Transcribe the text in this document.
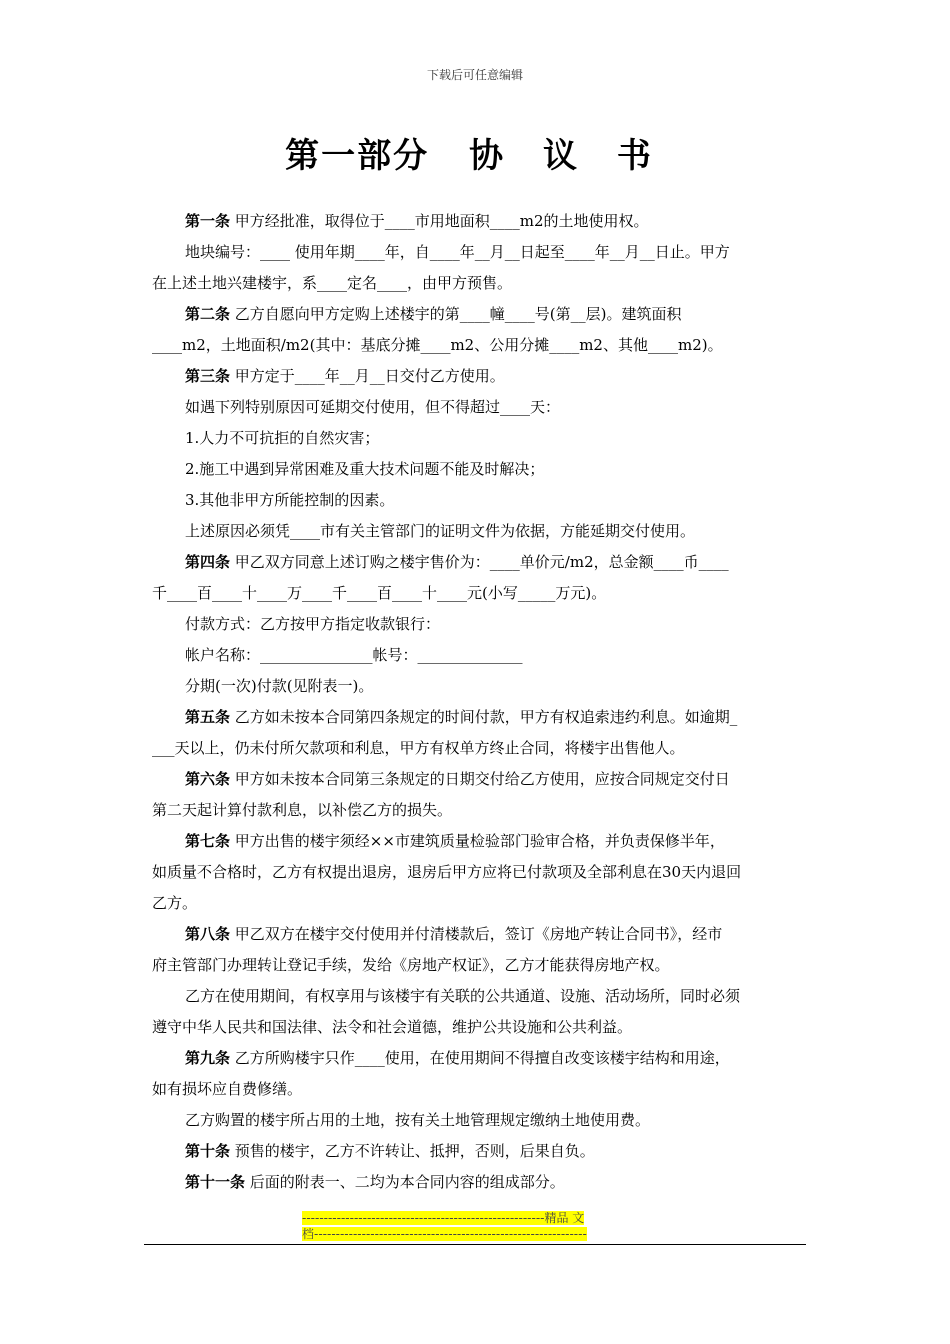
下载后可任意编辑
第一部分 协 议 书

第一条 甲方经批准，取得位于____市用地面积____m2的土地使用权。

地块编号：____ 使用年期____年，自____年__月__日起至____年__月__日止。甲方

在上述土地兴建楼宇，系____定名____，由甲方预售。

第二条 乙方自愿向甲方定购上述楼宇的第____幢____号(第__层)。建筑面积

____m2，土地面积/m2(其中：基底分摊____m2、公用分摊____m2、其他____m2)。

第三条 甲方定于____年__月__日交付乙方使用。

如遇下列特别原因可延期交付使用，但不得超过____天：

1.人力不可抗拒的自然灾害；

2.施工中遇到异常困难及重大技术问题不能及时解决；

3.其他非甲方所能控制的因素。

上述原因必须凭____市有关主管部门的证明文件为依据，方能延期交付使用。

第四条 甲乙双方同意上述订购之楼宇售价为：____单价元/m2，总金额____币____

千____百____十____万____千____百____十____元(小写_____万元)。

付款方式：乙方按甲方指定收款银行：

帐户名称：_______________帐号：______________

分期(一次)付款(见附表一)。

第五条 乙方如未按本合同第四条规定的时间付款，甲方有权追索违约利息。如逾期_

___天以上，仍未付所欠款项和利息，甲方有权单方终止合同，将楼宇出售他人。

第六条 甲方如未按本合同第三条规定的日期交付给乙方使用，应按合同规定交付日

第二天起计算付款利息，以补偿乙方的损失。

第七条 甲方出售的楼宇须经××市建筑质量检验部门验审合格，并负责保修半年，

如质量不合格时，乙方有权提出退房，退房后甲方应将已付款项及全部利息在30天内退回

乙方。

第八条 甲乙双方在楼宇交付使用并付清楼款后，签订《房地产转让合同书》，经市

府主管部门办理转让登记手续，发给《房地产权证》，乙方才能获得房地产权。

乙方在使用期间，有权享用与该楼宇有关联的公共通道、设施、活动场所，同时必须

遵守中华人民共和国法律、法令和社会道德，维护公共设施和公共利益。

第九条 乙方所购楼宇只作____使用，在使用期间不得擅自改变该楼宇结构和用途，

如有损坏应自费修缮。

乙方购置的楼宇所占用的土地，按有关土地管理规定缴纳土地使用费。

第十条 预售的楼宇，乙方不许转让、抵押，否则，后果自负。

第十一条 后面的附表一、二均为本合同内容的组成部分。

--------------------------------------------------------精品 文
档---------------------------------------------------------------
